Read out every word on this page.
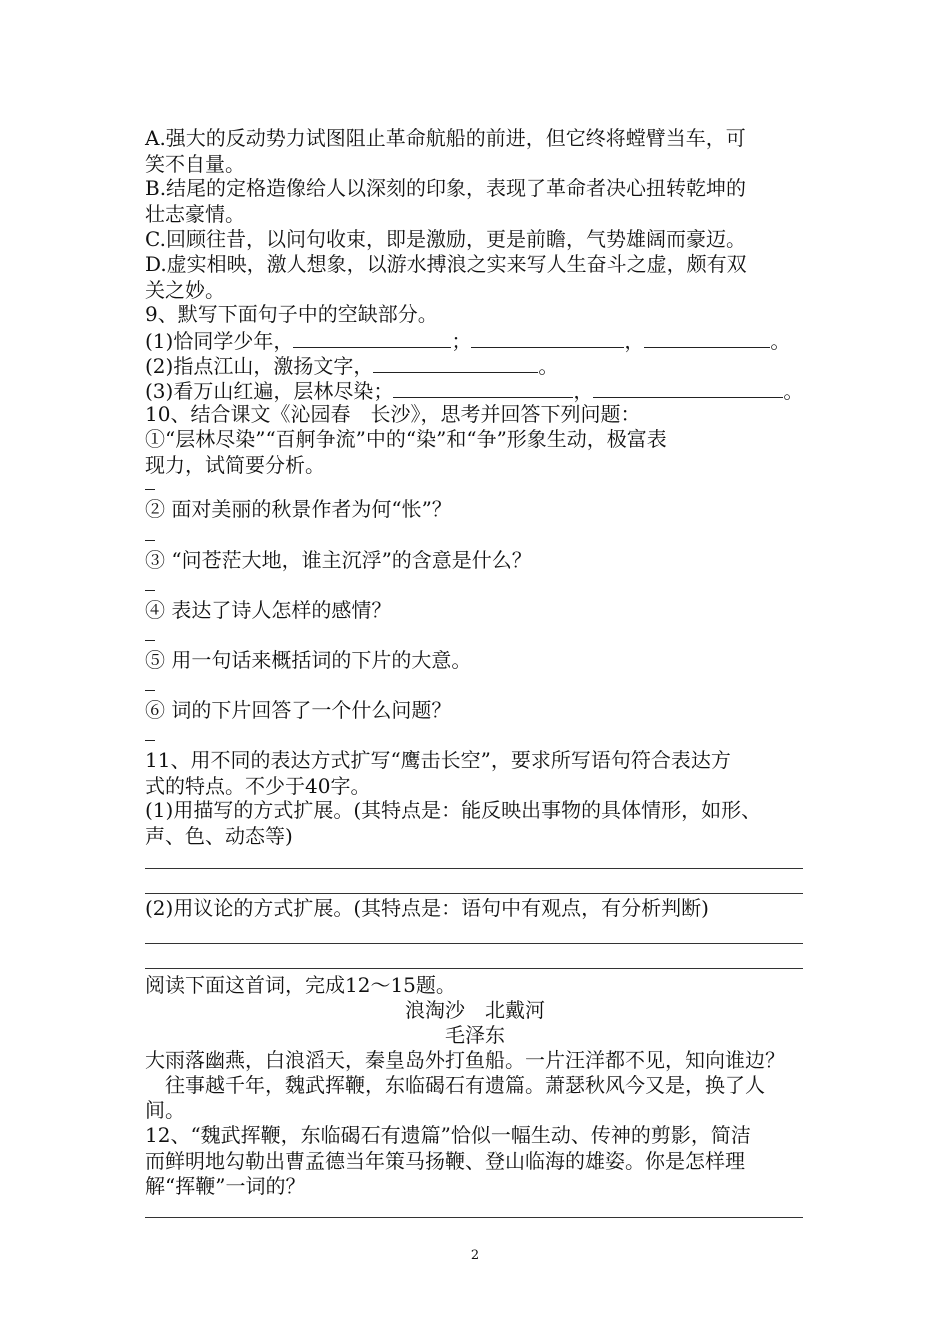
A.强大的反动势力试图阻止革命航船的前进，但它终将螳臂当车，可
笑不自量。
B.结尾的定格造像给人以深刻的印象，表现了革命者决心扭转乾坤的
壮志豪情。
C.回顾往昔，以问句收束，即是激励，更是前瞻，气势雄阔而豪迈。
D.虚实相映，激人想象，以游水搏浪之实来写人生奋斗之虚，颇有双
关之妙。
9、默写下面句子中的空缺部分。
(1)恰同学少年，	；	，	。
(2)指点江山，激扬文字，	。
(3)看万山红遍，层林尽染；	，	。
10、结合课文《沁园春　长沙》，思考并回答下列问题：
①“层林尽染”“百舸争流”中的“染”和“争”形象生动，极富表
现力，试简要分析。
② 面对美丽的秋景作者为何“怅”？
③ “问苍茫大地，谁主沉浮”的含意是什么？
④ 表达了诗人怎样的感情？
⑤ 用一句话来概括词的下片的大意。
⑥ 词的下片回答了一个什么问题？
11、用不同的表达方式扩写“鹰击长空”，要求所写语句符合表达方
式的特点。不少于40字。
(1)用描写的方式扩展。(其特点是：能反映出事物的具体情形，如形、
声、色、动态等)
(2)用议论的方式扩展。(其特点是：语句中有观点，有分析判断)
阅读下面这首词，完成12～15题。
浪淘沙　北戴河
毛泽东
大雨落幽燕，白浪滔天，秦皇岛外打鱼船。一片汪洋都不见，知向谁边？
　往事越千年，魏武挥鞭，东临碣石有遗篇。萧瑟秋风今又是，换了人
间。
12、“魏武挥鞭，东临碣石有遗篇”恰似一幅生动、传神的剪影，简洁
而鲜明地勾勒出曹孟德当年策马扬鞭、登山临海的雄姿。你是怎样理
解“挥鞭”一词的？
2
